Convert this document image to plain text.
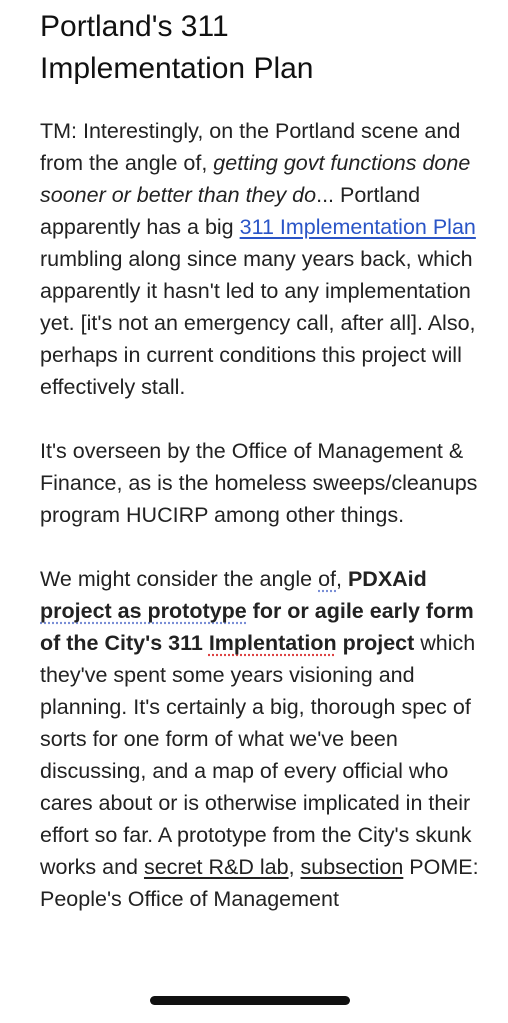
Portland's 311
Implementation Plan

TM: Interestingly, on the Portland scene and from the angle of, getting govt functions done sooner or better than they do... Portland apparently has a big 311 Implementation Plan rumbling along since many years back, which apparently it hasn't led to any implementation yet. [it's not an emergency call, after all]. Also, perhaps in current conditions this project will effectively stall.

It's overseen by the Office of Management & Finance, as is the homeless sweeps/cleanups program HUCIRP among other things.

We might consider the angle of, PDXAid project as prototype for or agile early form of the City's 311 Implentation project which they've spent some years visioning and planning. It's certainly a big, thorough spec of sorts for one form of what we've been discussing, and a map of every official who cares about or is otherwise implicated in their effort so far. A prototype from the City's skunk works and secret R&D lab, subsection POME: People's Office of Management
